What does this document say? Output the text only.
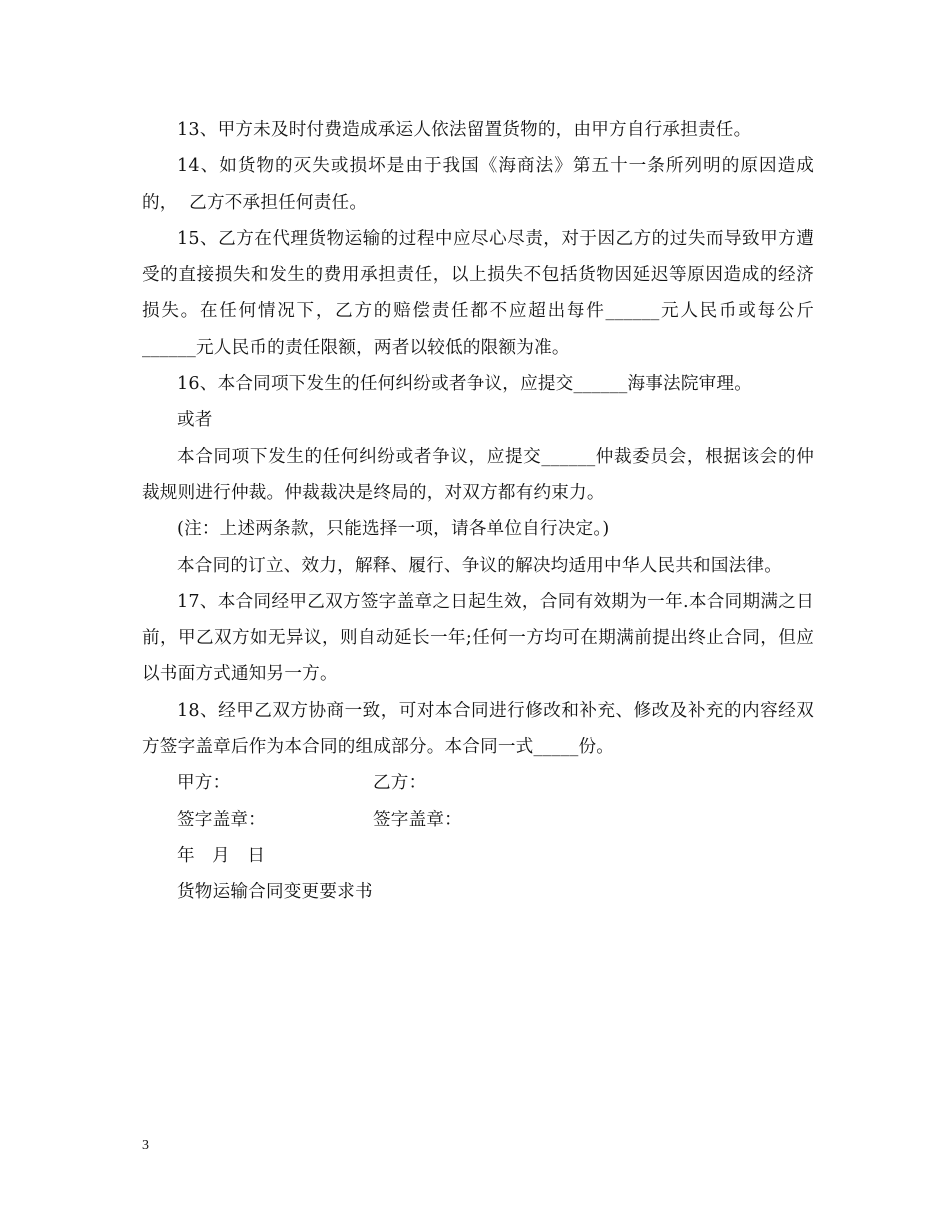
13、甲方未及时付费造成承运人依法留置货物的，由甲方自行承担责任。

14、如货物的灭失或损坏是由于我国《海商法》第五十一条所列明的原因造成的，  乙方不承担任何责任。

15、乙方在代理货物运输的过程中应尽心尽责，对于因乙方的过失而导致甲方遭受的直接损失和发生的费用承担责任，以上损失不包括货物因延迟等原因造成的经济损失。在任何情况下，乙方的赔偿责任都不应超出每件______元人民币或每公斤______元人民币的责任限额，两者以较低的限额为准。

16、本合同项下发生的任何纠纷或者争议，应提交______海事法院审理。

或者

本合同项下发生的任何纠纷或者争议，应提交______仲裁委员会，根据该会的仲裁规则进行仲裁。仲裁裁决是终局的，对双方都有约束力。

(注：上述两条款，只能选择一项，请各单位自行决定。)

本合同的订立、效力，解释、履行、争议的解决均适用中华人民共和国法律。

17、本合同经甲乙双方签字盖章之日起生效，合同有效期为一年.本合同期满之日前，甲乙双方如无异议，则自动延长一年;任何一方均可在期满前提出终止合同，但应以书面方式通知另一方。

18、经甲乙双方协商一致，可对本合同进行修改和补充、修改及补充的内容经双方签字盖章后作为本合同的组成部分。本合同一式_____份。

甲方：	乙方：
签字盖章：	签字盖章：
年   月   日
货物运输合同变更要求书
3
